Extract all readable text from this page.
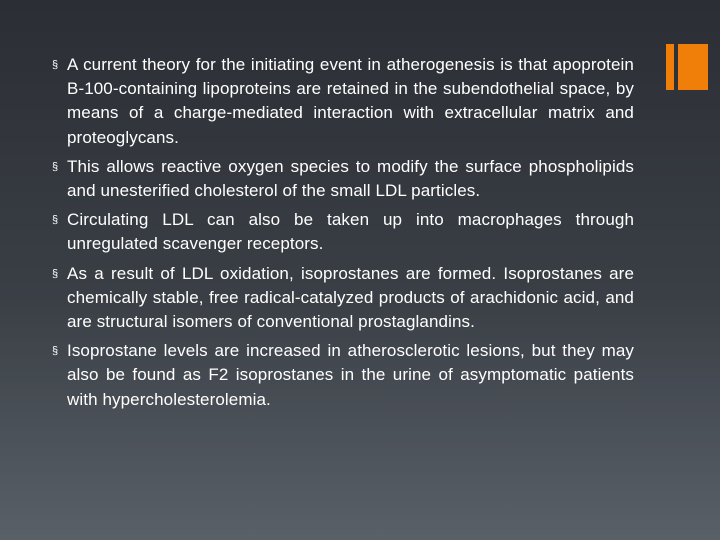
§ A current theory for the initiating event in atherogenesis is that apoprotein B-100-containing lipoproteins are retained in the subendothelial space, by means of a charge-mediated interaction with extracellular matrix and proteoglycans.

§ This allows reactive oxygen species to modify the surface phospholipids and unesterified cholesterol of the small LDL particles.

§ Circulating LDL can also be taken up into macrophages through unregulated scavenger receptors.

§ As a result of LDL oxidation, isoprostanes are formed. Isoprostanes are chemically stable, free radical-catalyzed products of arachidonic acid, and are structural isomers of conventional prostaglandins.

§ Isoprostane levels are increased in atherosclerotic lesions, but they may also be found as F2 isoprostanes in the urine of asymptomatic patients with hypercholesterolemia.
